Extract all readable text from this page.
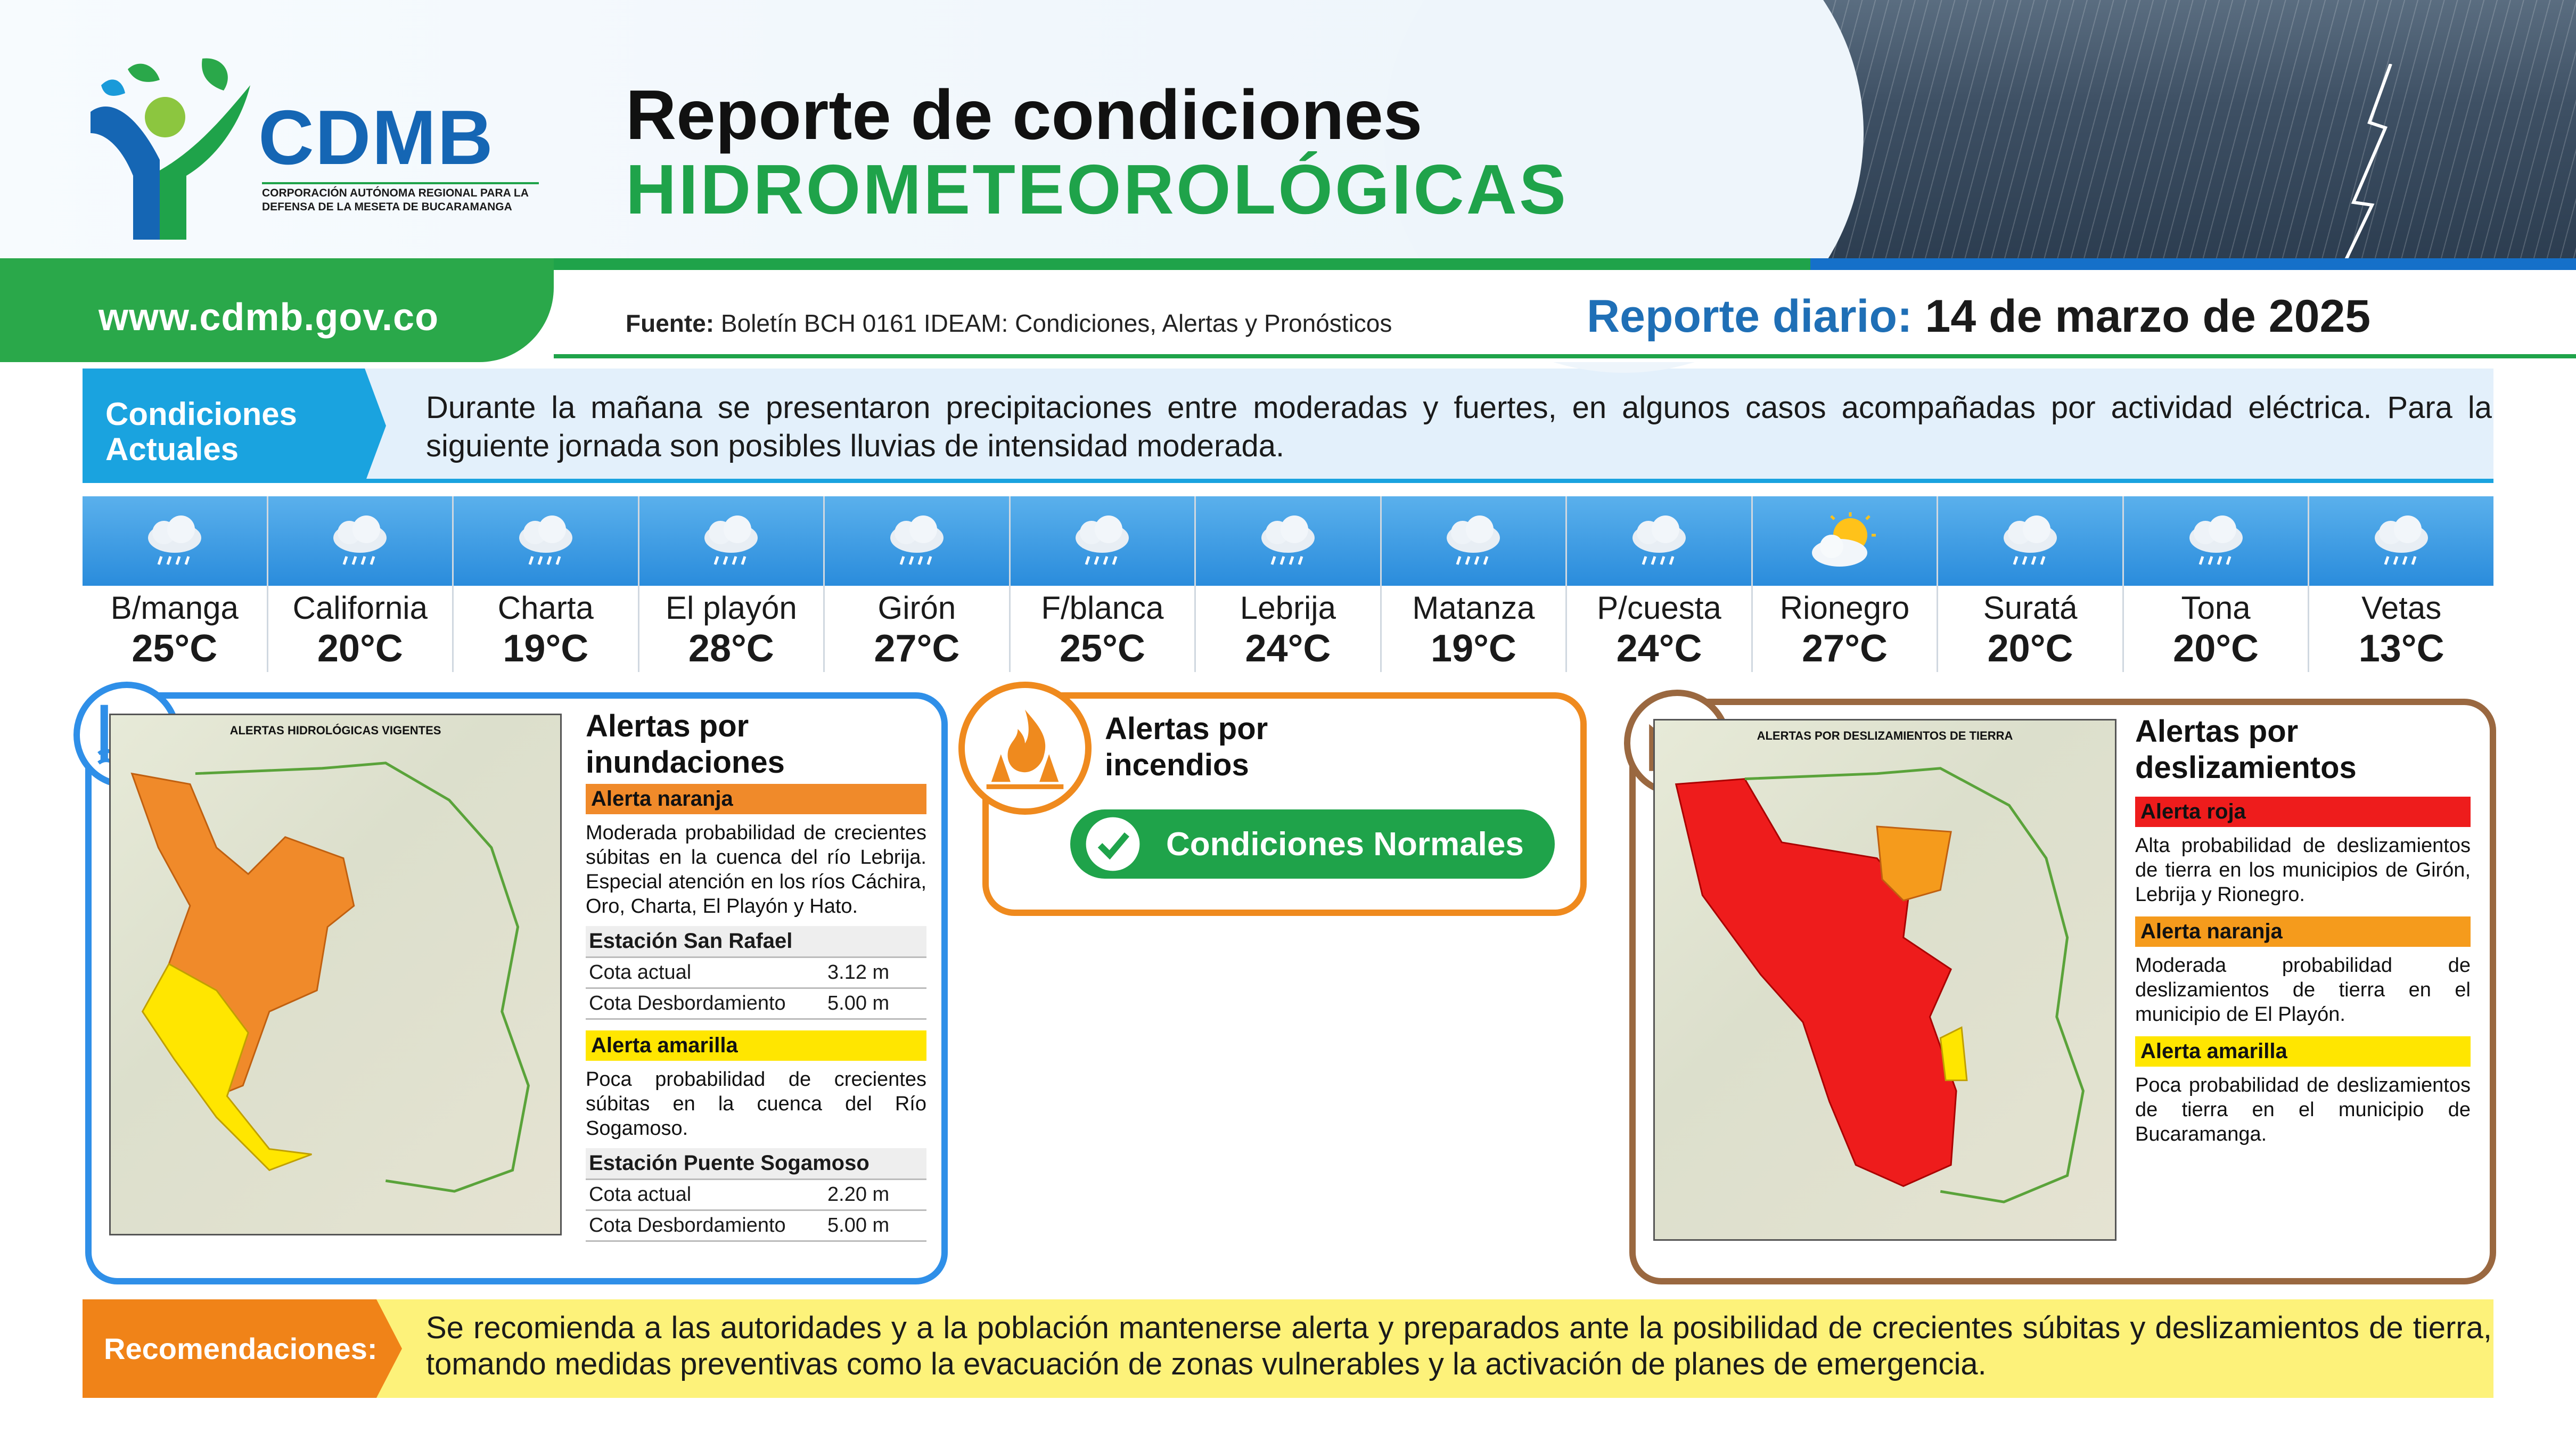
CDMB
CORPORACIÓN AUTÓNOMA REGIONAL PARA LA DEFENSA DE LA MESETA DE BUCARAMANGA
Reporte de condiciones
HIDROMETEOROLÓGICAS
www.cdmb.gov.co	Fuente: Boletín BCH 0161 IDEAM: Condiciones, Alertas y Pronósticos	Reporte diario: 14 de marzo de 2025
Condiciones
Actuales
Durante la mañana se presentaron precipitaciones entre moderadas y fuertes, en algunos casos acompañadas por actividad eléctrica. Para la siguiente jornada son posibles lluvias de intensidad moderada.
B/manga
25°C
California
20°C
Charta
19°C
El playón
28°C
Girón
27°C
F/blanca
25°C
Lebrija
24°C
Matanza
19°C
P/cuesta
24°C
Rionegro
27°C
Suratá
20°C
Tona
20°C
Vetas
13°C
ALERTAS HIDROLÓGICAS VIGENTES	Alertas por
inundaciones
Alerta naranja
Moderada probabilidad de crecientes súbitas en la cuenca del río Lebrija. Especial atención en los ríos Cáchira, Oro, Charta, El Playón y Hato.
Estación San Rafael
Cota actual	3.12 m
Cota Desbordamiento	5.00 m
Alerta amarilla
Poca probabilidad de crecientes súbitas en la cuenca del Río Sogamoso.
Estación Puente Sogamoso
Cota actual	2.20 m
Cota Desbordamiento	5.00 m
Alertas por
incendios
Condiciones Normales
ALERTAS POR DESLIZAMIENTOS DE TIERRA	Alertas por
deslizamientos
Alerta roja
Alta probabilidad de deslizamientos de tierra en los municipios de Girón, Lebrija y Rionegro.
Alerta naranja
Moderada probabilidad de deslizamientos de tierra en el municipio de El Playón.
Alerta amarilla
Poca probabilidad de deslizamientos de tierra en el municipio de Bucaramanga.
Recomendaciones:
Se recomienda a las autoridades y a la población mantenerse alerta y preparados ante la posibilidad de crecientes súbitas y deslizamientos de tierra, tomando medidas preventivas como la evacuación de zonas vulnerables y la activación de planes de emergencia.
